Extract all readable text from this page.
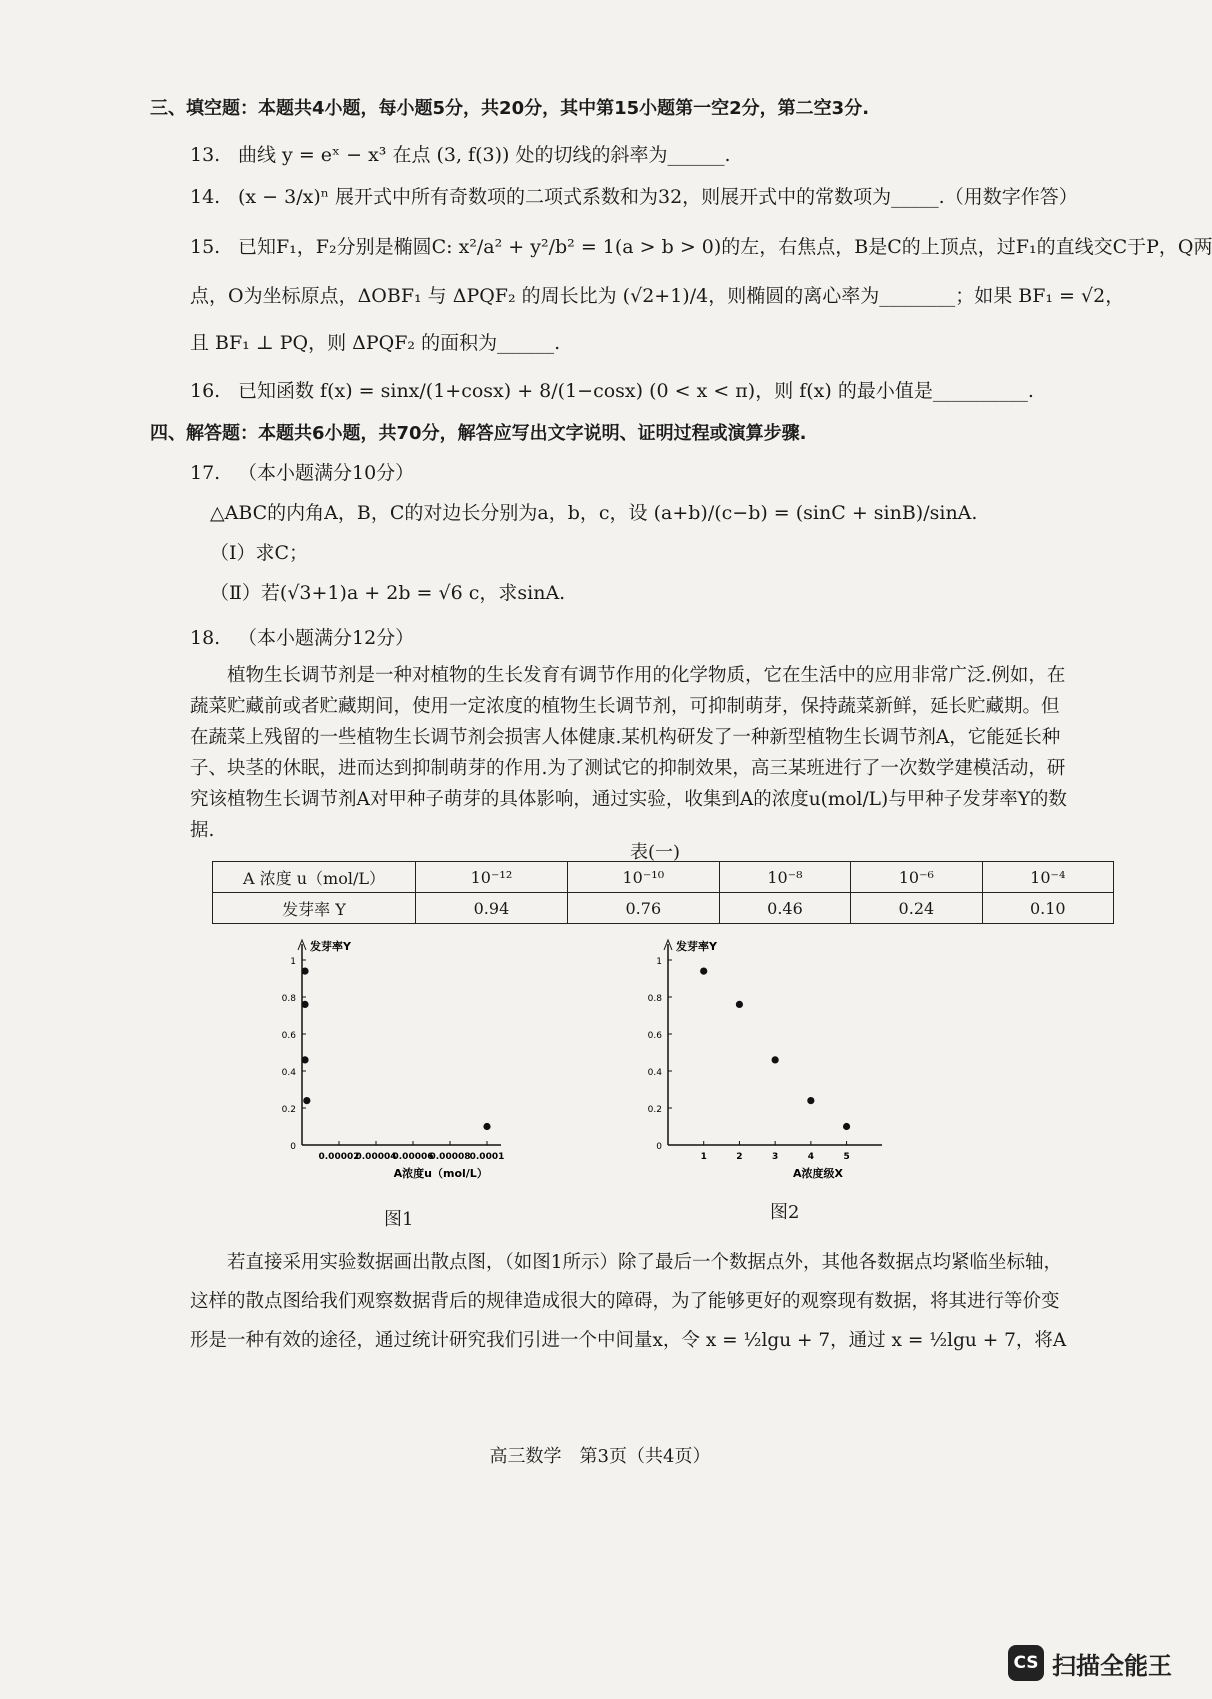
三、填空题：本题共4小题，每小题5分，共20分，其中第15小题第一空2分，第二空3分.
13. 曲线 y = eˣ − x³ 在点 (3, f(3)) 处的切线的斜率为______.
14. (x − 3/x)ⁿ 展开式中所有奇数项的二项式系数和为32，则展开式中的常数项为_____.（用数字作答）
15. 已知F₁，F₂分别是椭圆C: x²/a² + y²/b² = 1(a > b > 0)的左，右焦点，B是C的上顶点，过F₁的直线交C于P，Q两
点，O为坐标原点，ΔOBF₁ 与 ΔPQF₂ 的周长比为 (√2+1)/4，则椭圆的离心率为________；如果 BF₁ = √2，
且 BF₁ ⊥ PQ，则 ΔPQF₂ 的面积为______.
16. 已知函数 f(x) = sinx/(1+cosx) + 8/(1−cosx) (0 < x < π)，则 f(x) 的最小值是__________.
四、解答题：本题共6小题，共70分，解答应写出文字说明、证明过程或演算步骤.
17. （本小题满分10分）
△ABC的内角A，B，C的对边长分别为a，b，c，设 (a+b)/(c−b) = (sinC + sinB)/sinA.
（Ⅰ）求C；
（Ⅱ）若(√3+1)a + 2b = √6 c，求sinA.
18. （本小题满分12分）
植物生长调节剂是一种对植物的生长发育有调节作用的化学物质，它在生活中的应用非常广泛.例如，在蔬菜贮藏前或者贮藏期间，使用一定浓度的植物生长调节剂，可抑制萌芽，保持蔬菜新鲜，延长贮藏期。但在蔬菜上残留的一些植物生长调节剂会损害人体健康.某机构研发了一种新型植物生长调节剂A，它能延长种子、块茎的休眠，进而达到抑制萌芽的作用.为了测试它的抑制效果，高三某班进行了一次数学建模活动，研究该植物生长调节剂A对甲种子萌芽的具体影响，通过实验，收集到A的浓度u(mol/L)与甲种子发芽率Y的数据.
表(一)
A 浓度 u（mol/L）	10⁻¹²	10⁻¹⁰	10⁻⁸	10⁻⁶	10⁻⁴
发芽率 Y	0.94	0.76	0.46	0.24	0.10
0
0.2
0.4
0.6
0.8
1
0.00002
0.00004
0.00006
0.00008 0.0001
发芽率Y
A浓度u（mol/L）
0
0.2
0.4
0.6
0.8
1
1	2	3	4	5
发芽率Y
A浓度级X
图1	图2
若直接采用实验数据画出散点图，（如图1所示）除了最后一个数据点外，其他各数据点均紧临坐标轴，这样的散点图给我们观察数据背后的规律造成很大的障碍，为了能够更好的观察现有数据，将其进行等价变形是一种有效的途径，通过统计研究我们引进一个中间量x，令 x = ½lgu + 7，通过 x = ½lgu + 7，将A
高三数学　第3页（共4页）
CS 扫描全能王
